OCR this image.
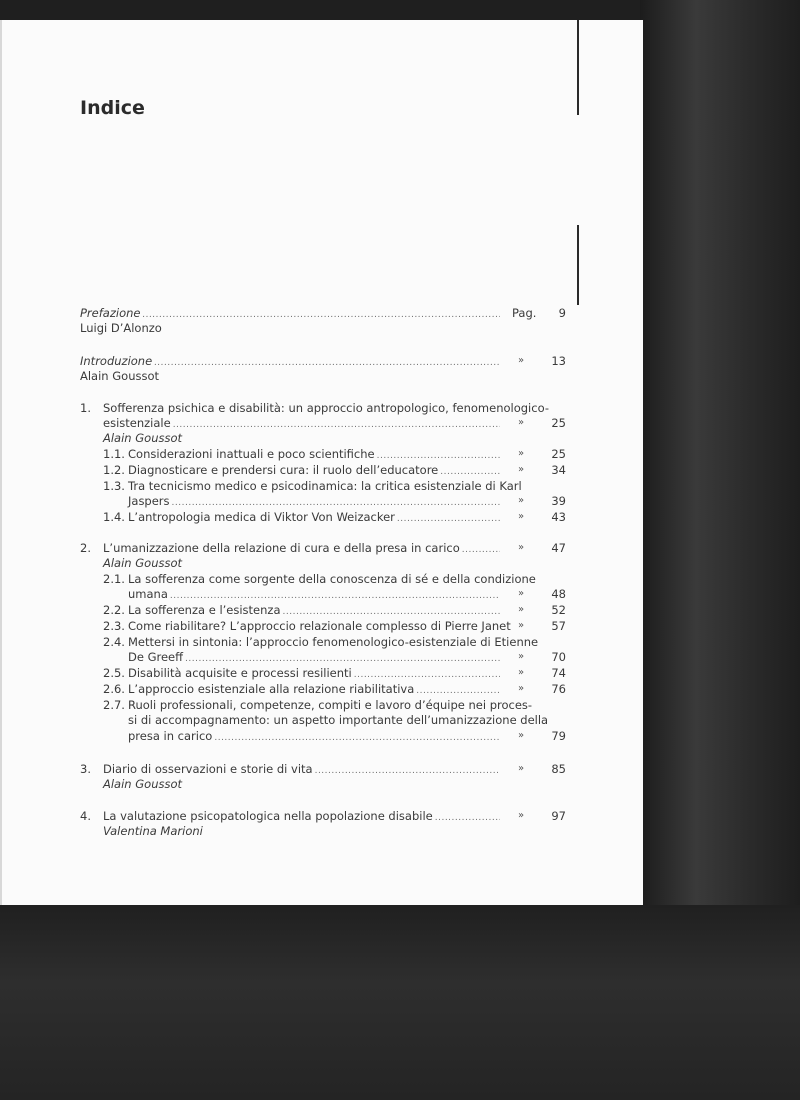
Indice
Prefazione .....	Pag.	9
Luigi D’Alonzo
Introduzione .....	»	13
Alain Goussot
1. Sofferenza psichica e disabilità: un approccio antropologico, fenomenologico-
esistenziale .....	»	25
Alain Goussot
1.1. Considerazioni inattuali e poco scientifiche .....	»	25
1.2. Diagnosticare e prendersi cura: il ruolo dell’educatore .....	»	34
1.3. Tra tecnicismo medico e psicodinamica: la critica esistenziale di Karl
Jaspers .....	»	39
1.4. L’antropologia medica di Viktor Von Weizacker .....	»	43
2. L’umanizzazione della relazione di cura e della presa in carico .....	»	47
Alain Goussot
2.1. La sofferenza come sorgente della conoscenza di sé e della condizione
umana .....	»	48
2.2. La sofferenza e l’esistenza .....	»	52
2.3. Come riabilitare? L’approccio relazionale complesso di Pierre Janet »	57
2.4. Mettersi in sintonia: l’approccio fenomenologico-esistenziale di Etienne
De Greeff .....	»	70
2.5. Disabilità acquisite e processi resilienti .....	»	74
2.6. L’approccio esistenziale alla relazione riabilitativa .....	»	76
2.7. Ruoli professionali, competenze, compiti e lavoro d’équipe nei proces-
si di accompagnamento: un aspetto importante dell’umanizzazione della
presa in carico .....	»	79
3. Diario di osservazioni e storie di vita .....	»	85
Alain Goussot
4. La valutazione psicopatologica nella popolazione disabile .....	»	97
Valentina Marioni
